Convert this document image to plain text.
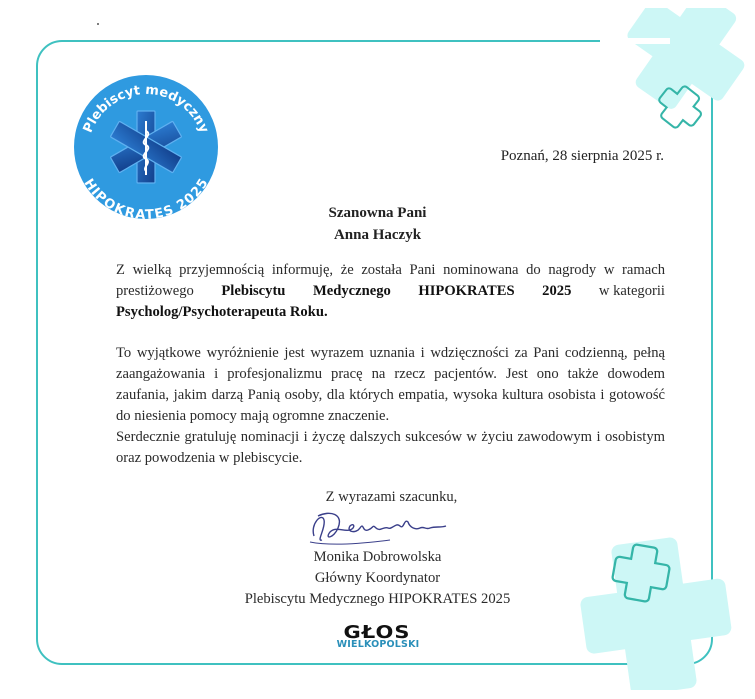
Plebiscyt medyczny
HIPOKRATES 2025
Poznań, 28 sierpnia 2025 r.
Szanowna Pani
Anna Haczyk
Z wielką przyjemnością informuję, że została Pani nominowana do nagrody w ramach
prestiżowego Plebiscytu Medycznego HIPOKRATES 2025 w kategorii
Psycholog/Psychoterapeuta Roku.
To wyjątkowe wyróżnienie jest wyrazem uznania i wdzięczności za Pani codzienną, pełną zaangażowania i profesjonalizmu pracę na rzecz pacjentów. Jest ono także dowodem zaufania, jakim darzą Panią osoby, dla których empatia, wysoka kultura osobista i gotowość do niesienia pomocy mają ogromne znaczenie.
Serdecznie gratuluję nominacji i życzę dalszych sukcesów w życiu zawodowym i osobistym oraz powodzenia w plebiscycie.
Z wyrazami szacunku,
Monika Dobrowolska
Główny Koordynator
Plebiscytu Medycznego HIPOKRATES 2025
GŁOS
WIELKOPOLSKI
